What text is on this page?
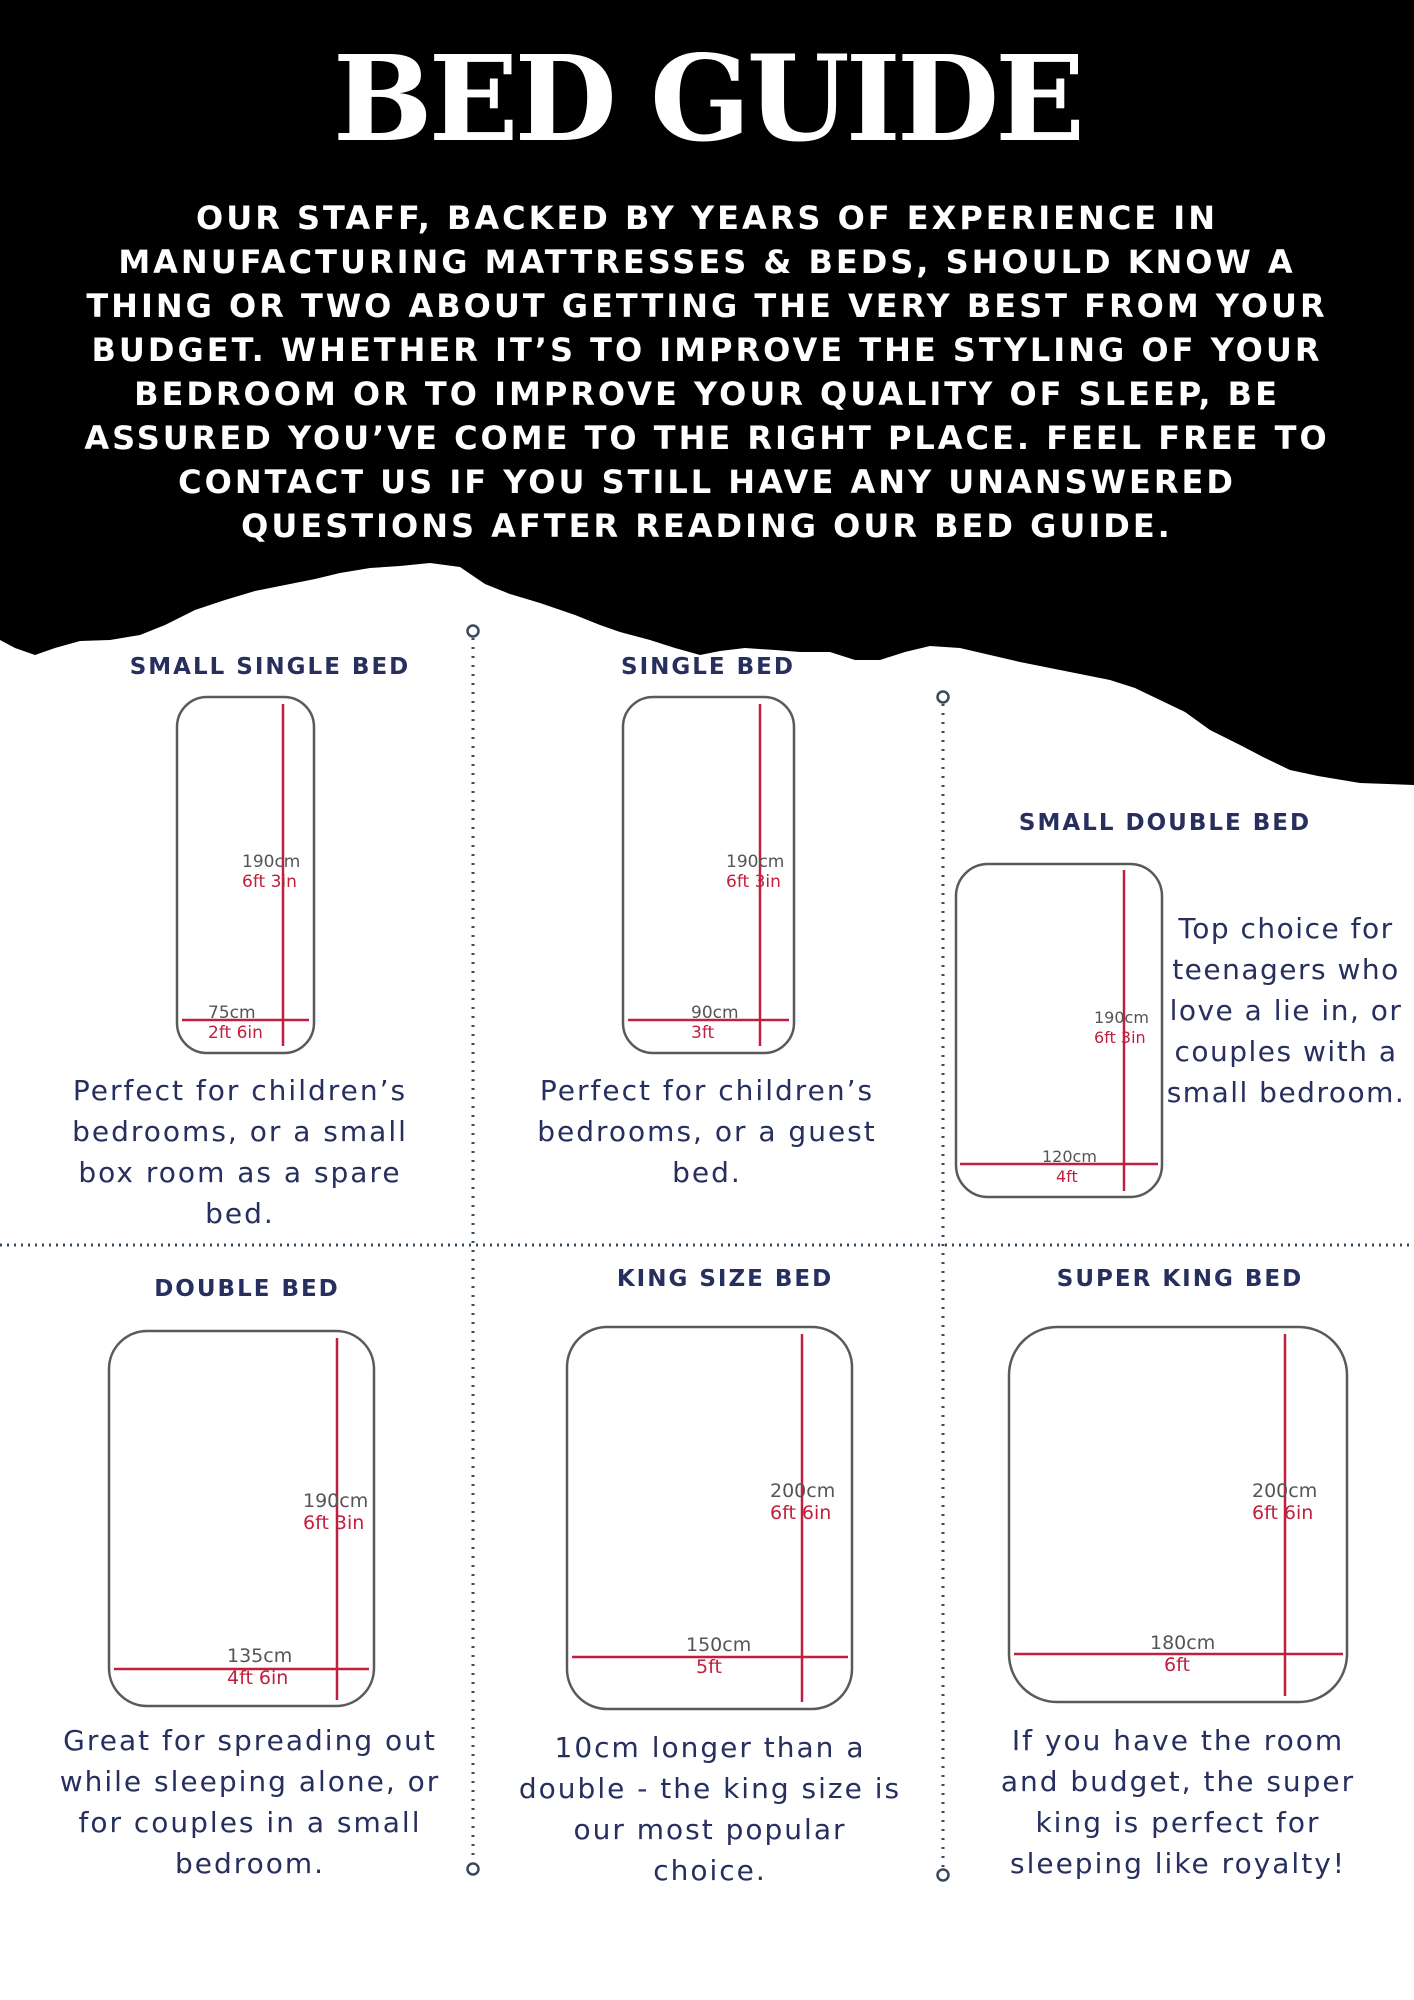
BED GUIDE
OUR STAFF, BACKED BY YEARS OF EXPERIENCE IN MANUFACTURING MATTRESSES & BEDS, SHOULD KNOW A THING OR TWO ABOUT GETTING THE VERY BEST FROM YOUR BUDGET. WHETHER IT’S TO IMPROVE THE STYLING OF YOUR BEDROOM OR TO IMPROVE YOUR QUALITY OF SLEEP, BE ASSURED YOU’VE COME TO THE RIGHT PLACE. FEEL FREE TO CONTACT US IF YOU STILL HAVE ANY UNANSWERED QUESTIONS AFTER READING OUR BED GUIDE.
SMALL SINGLE BED
190cm
6ft 3in
75cm
2ft 6in
Perfect for children’s bedrooms, or a small box room as a spare bed.
SINGLE BED
190cm
6ft 3in
90cm
3ft
Perfect for children’s bedrooms, or a guest bed.
SMALL DOUBLE BED
190cm
6ft 3in
120cm
4ft
Top choice for teenagers who love a lie in, or couples with a small bedroom.
DOUBLE BED
190cm
6ft 3in
135cm
4ft 6in
Great for spreading out while sleeping alone, or for couples in a small bedroom.
KING SIZE BED
200cm
6ft 6in
150cm
5ft
10cm longer than a double - the king size is our most popular choice.
SUPER KING BED
200cm
6ft 6in
180cm
6ft
If you have the room and budget, the super king is perfect for sleeping like royalty!
